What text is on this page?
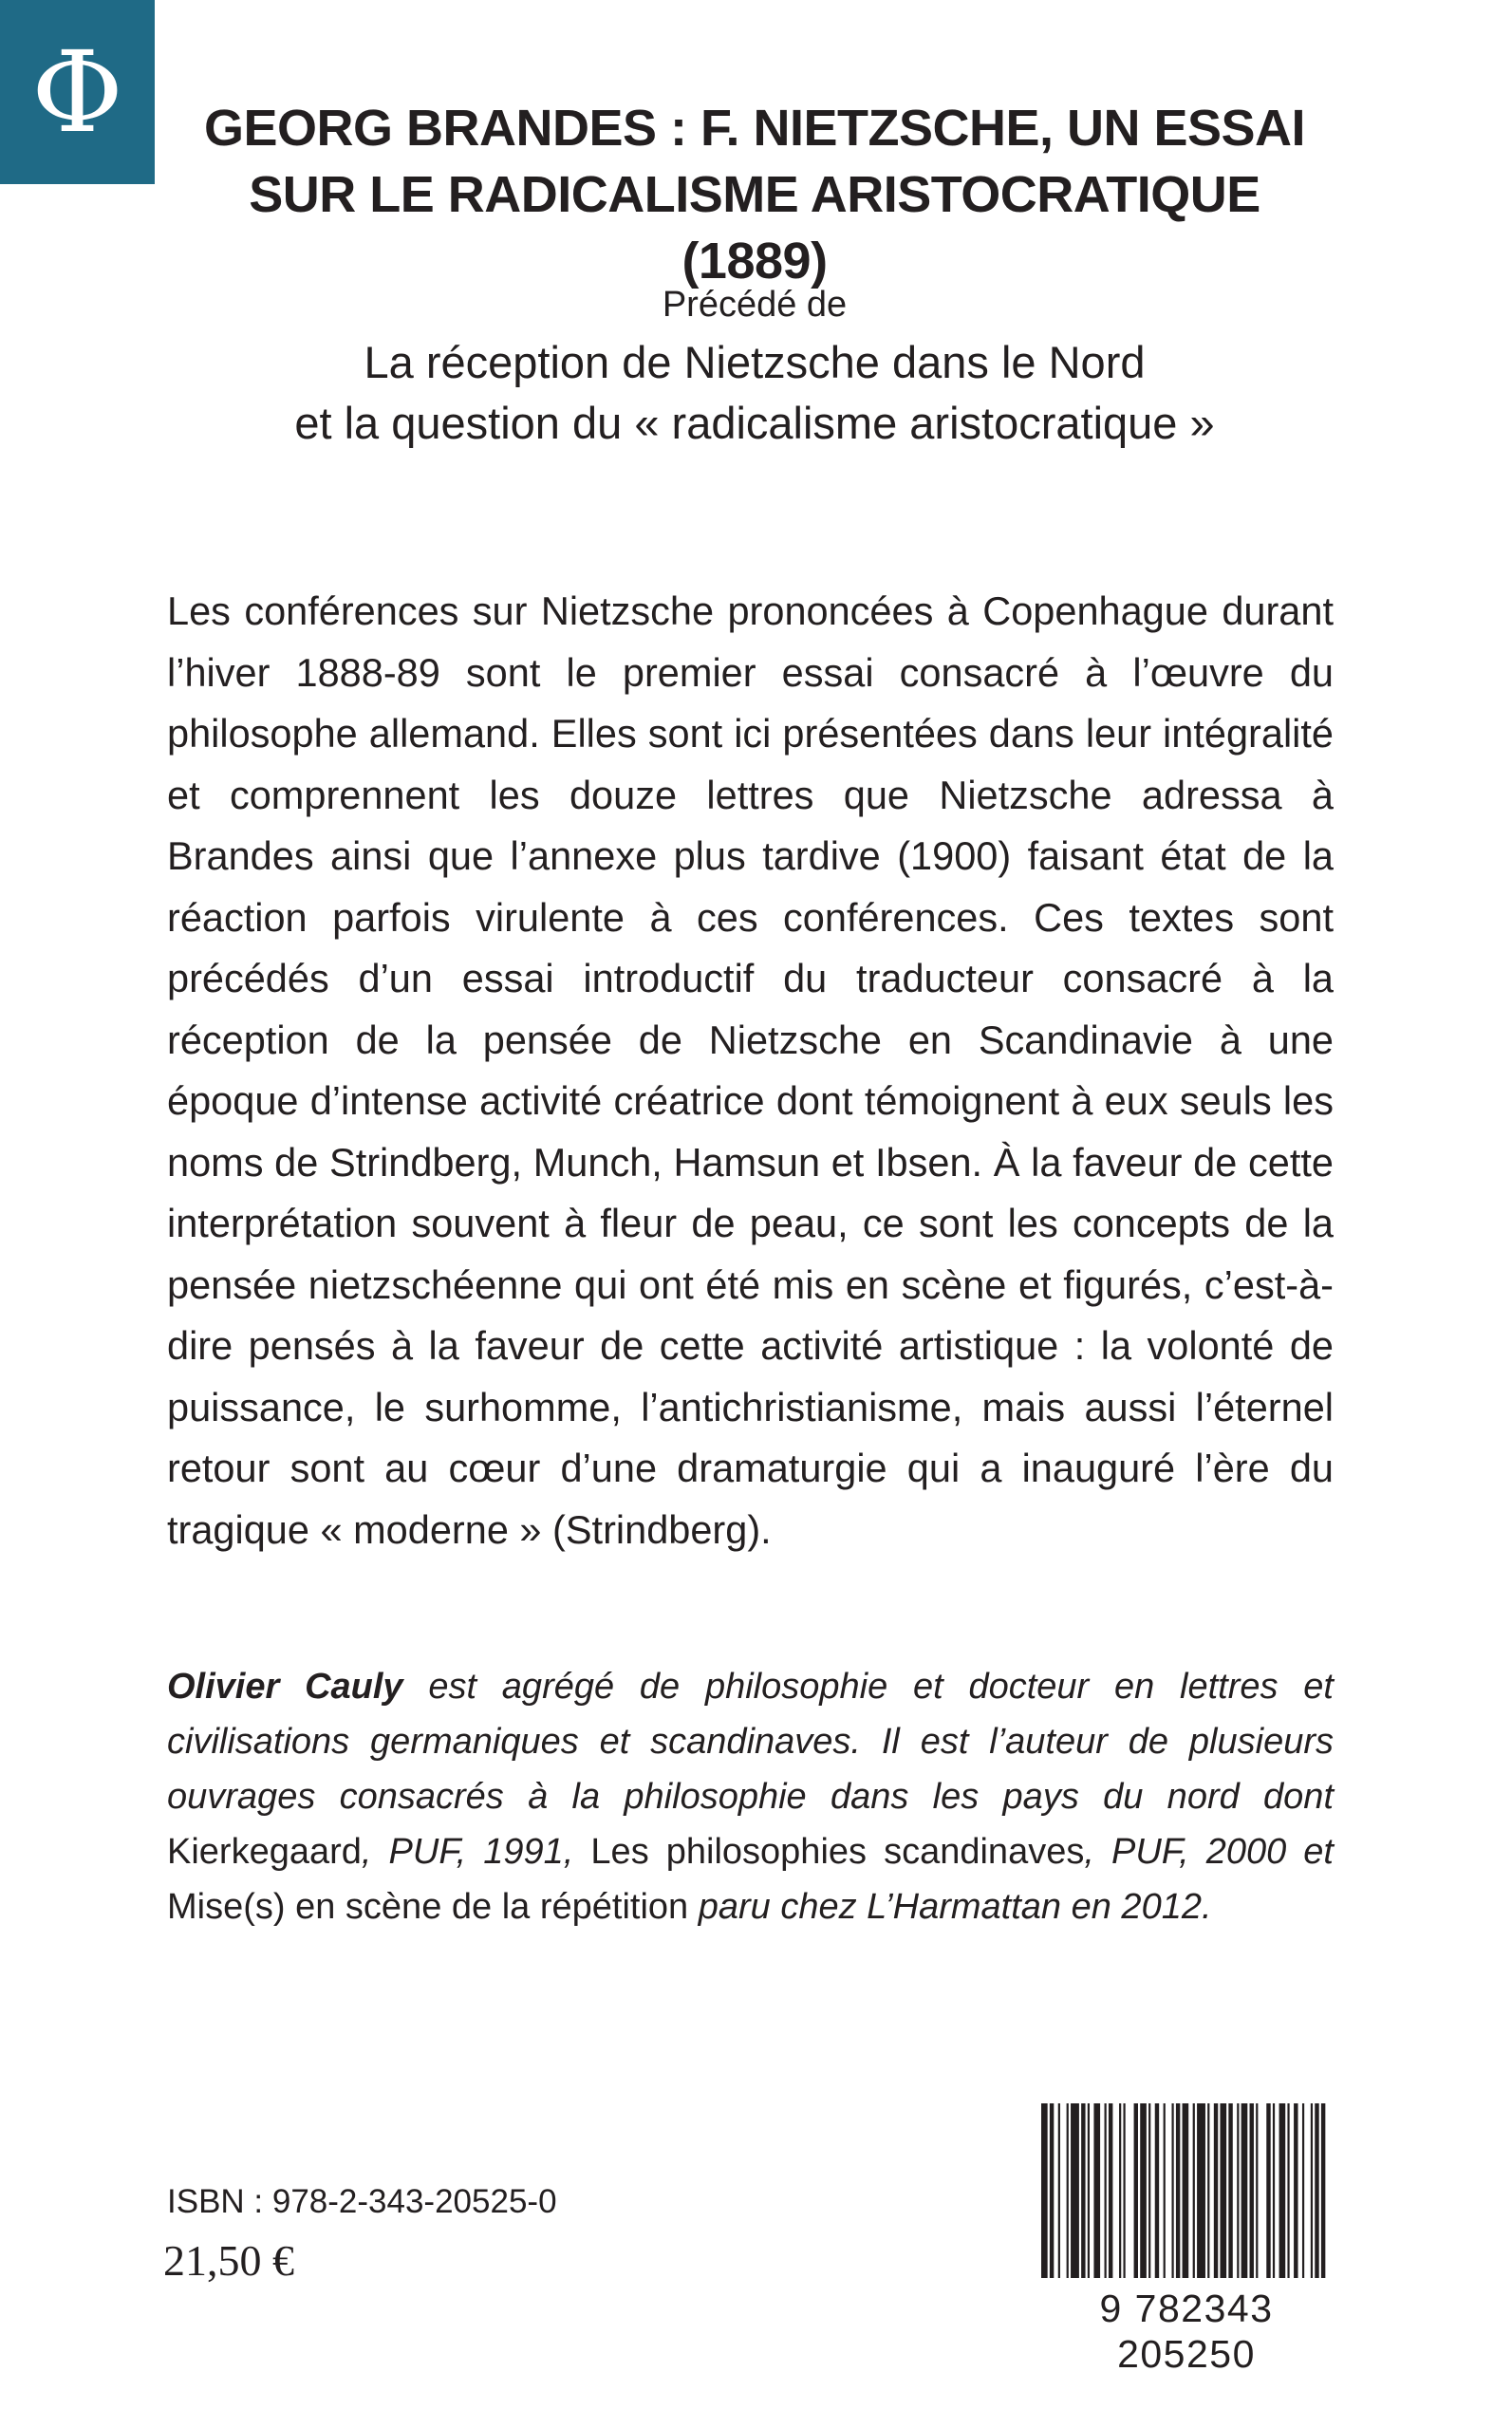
Φ	GEORG BRANDES : F. NIETZSCHE, UN ESSAI
SUR LE RADICALISME ARISTOCRATIQUE (1889)
Précédé de
La réception de Nietzsche dans le Nord
et la question du « radicalisme aristocratique »

Les conférences sur Nietzsche prononcées à Copenhague durant l’hiver 1888-89 sont le premier essai consacré à l’œuvre du philosophe allemand. Elles sont ici présentées dans leur intégralité et comprennent les douze lettres que Nietzsche adressa à Brandes ainsi que l’annexe plus tardive (1900) faisant état de la réaction parfois virulente à ces conférences. Ces textes sont précédés d’un essai introductif du traducteur consacré à la réception de la pensée de Nietzsche en Scandinavie à une époque d’intense activité créatrice dont témoignent à eux seuls les noms de Strindberg, Munch, Hamsun et Ibsen. À la faveur de cette interprétation souvent à fleur de peau, ce sont les concepts de la pensée nietzschéenne qui ont été mis en scène et figurés, c’est-à-dire pensés à la faveur de cette activité artistique : la volonté de puissance, le surhomme, l’antichristianisme, mais aussi l’éternel retour sont au cœur d’une dramaturgie qui a inauguré l’ère du tragique « moderne » (Strindberg).

Olivier Cauly est agrégé de philosophie et docteur en lettres et civilisations germaniques et scandinaves. Il est l’auteur de plusieurs ouvrages consacrés à la philosophie dans les pays du nord dont Kierkegaard, PUF, 1991, Les philosophies scandinaves, PUF, 2000 et Mise(s) en scène de la répétition paru chez L’Harmattan en 2012.

ISBN : 978-2-343-20525-0
21,50 €
9 782343 205250
